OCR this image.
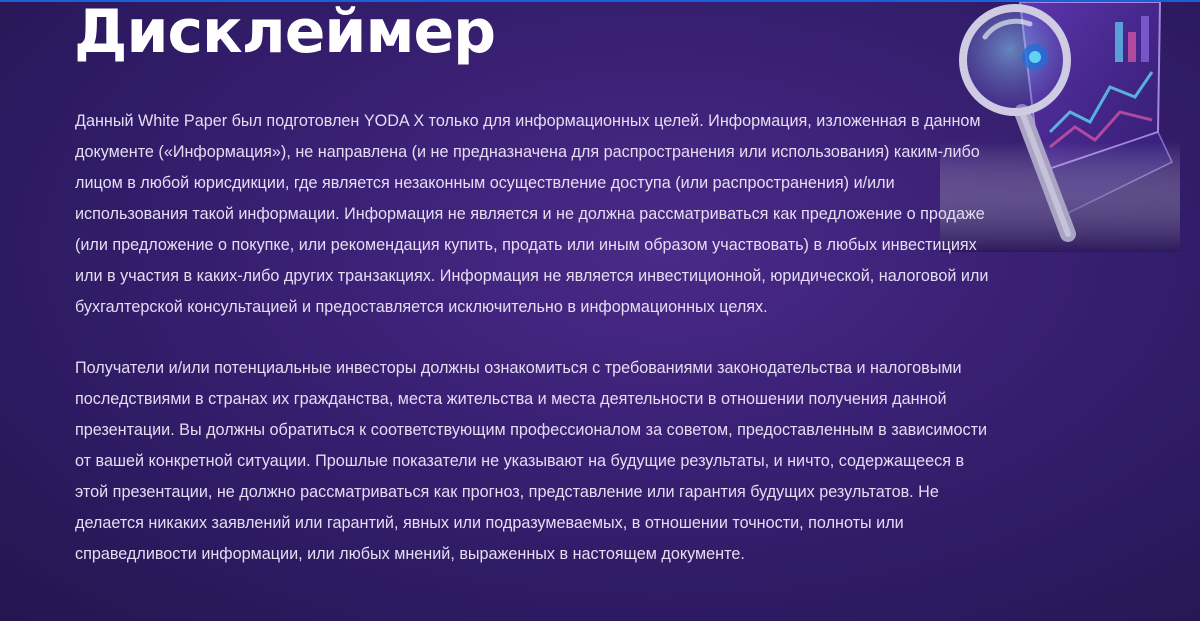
Дисклеймер

Данный White Paper был подготовлен YODA X только для информационных целей. Информация, изложенная в данном
документе («Информация»), не направлена (и не предназначена для распространения или использования) каким-либо
лицом в любой юрисдикции, где является незаконным осуществление доступа (или распространения) и/или
использования такой информации. Информация не является и не должна рассматриваться как предложение о продаже
(или предложение о покупке, или рекомендация купить, продать или иным образом участвовать) в любых инвестициях
или в участия в каких-либо других транзакциях. Информация не является инвестиционной, юридической, налоговой или
бухгалтерской консультацией и предоставляется исключительно в информационных целях.

Получатели и/или потенциальные инвесторы должны ознакомиться с требованиями законодательства и налоговыми
последствиями в странах их гражданства, места жительства и места деятельности в отношении получения данной
презентации. Вы должны обратиться к соответствующим профессионалом за советом, предоставленным в зависимости
от вашей конкретной ситуации. Прошлые показатели не указывают на будущие результаты, и ничто, содержащееся в
этой презентации, не должно рассматриваться как прогноз, представление или гарантия будущих результатов. Не
делается никаких заявлений или гарантий, явных или подразумеваемых, в отношении точности, полноты или
справедливости информации, или любых мнений, выраженных в настоящем документе.
